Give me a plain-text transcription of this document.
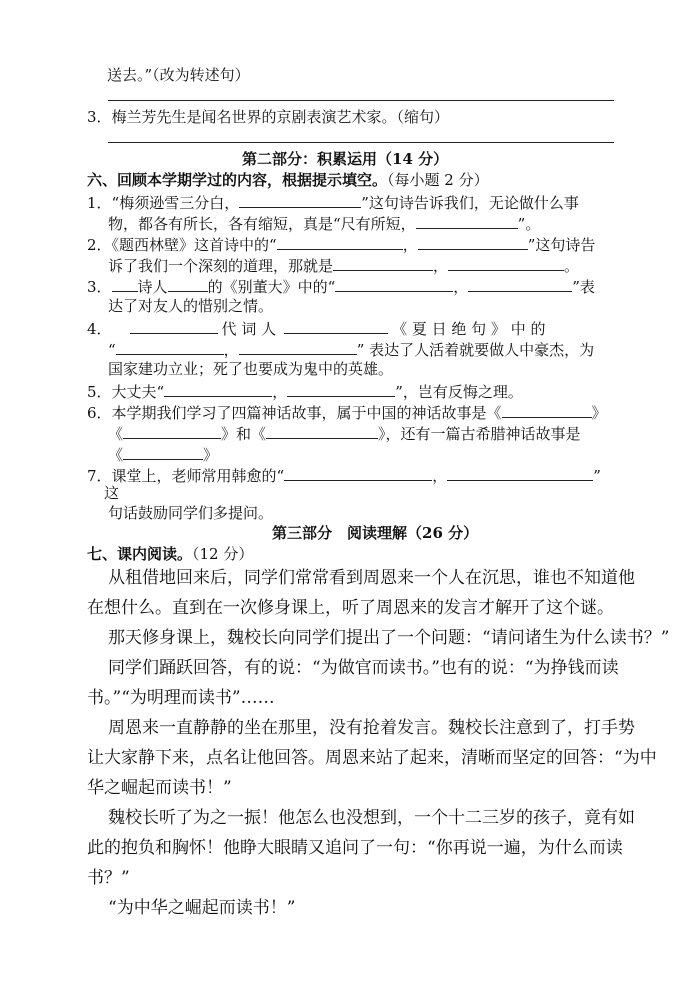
送去。”（改为转述句）
3．梅兰芳先生是闻名世界的京剧表演艺术家。（缩句）
第二部分：积累运用（14 分）
六、回顾本学期学过的内容，根据提示填空。（每小题 2 分）
1．“梅须逊雪三分白，	”这句诗告诉我们，无论做什么事
物，都各有所长，各有缩短，真是“尺有所短，	”。
2．《题西林壁》这首诗中的“	，	”这句诗告
诉了我们一个深刻的道理，那就是	，	。
3． 诗人	的《别董大》中的“	，	”表
达了对友人的惜别之情。
4．	代 词 人	《 夏 日 绝 句 》 中 的
“	，	” 表达了人活着就要做人中豪杰，为
国家建功立业；死了也要成为鬼中的英雄。
5．大丈夫“	，	”，岂有反悔之理。
6．本学期我们学习了四篇神话故事，属于中国的神话故事是《	》
《	》和《	》，还有一篇古希腊神话故事是
《	》
7．课堂上，老师常用韩愈的“	，	”
这
句话鼓励同学们多提问。
第三部分　阅读理解（26 分）
七、课内阅读。（12 分）
从租借地回来后，同学们常常看到周恩来一个人在沉思，谁也不知道他
在想什么。直到在一次修身课上，听了周恩来的发言才解开了这个谜。
那天修身课上，魏校长向同学们提出了一个问题：“请问诸生为什么读书？”
同学们踊跃回答，有的说：“为做官而读书。”也有的说：“为挣钱而读
书。”“为明理而读书”……
周恩来一直静静的坐在那里，没有抢着发言。魏校长注意到了，打手势
让大家静下来，点名让他回答。周恩来站了起来，清晰而坚定的回答：“为中
华之崛起而读书！”
魏校长听了为之一振！他怎么也没想到，一个十二三岁的孩子，竟有如
此的抱负和胸怀！他睁大眼睛又追问了一句：“你再说一遍，为什么而读
书？”
“为中华之崛起而读书！”
